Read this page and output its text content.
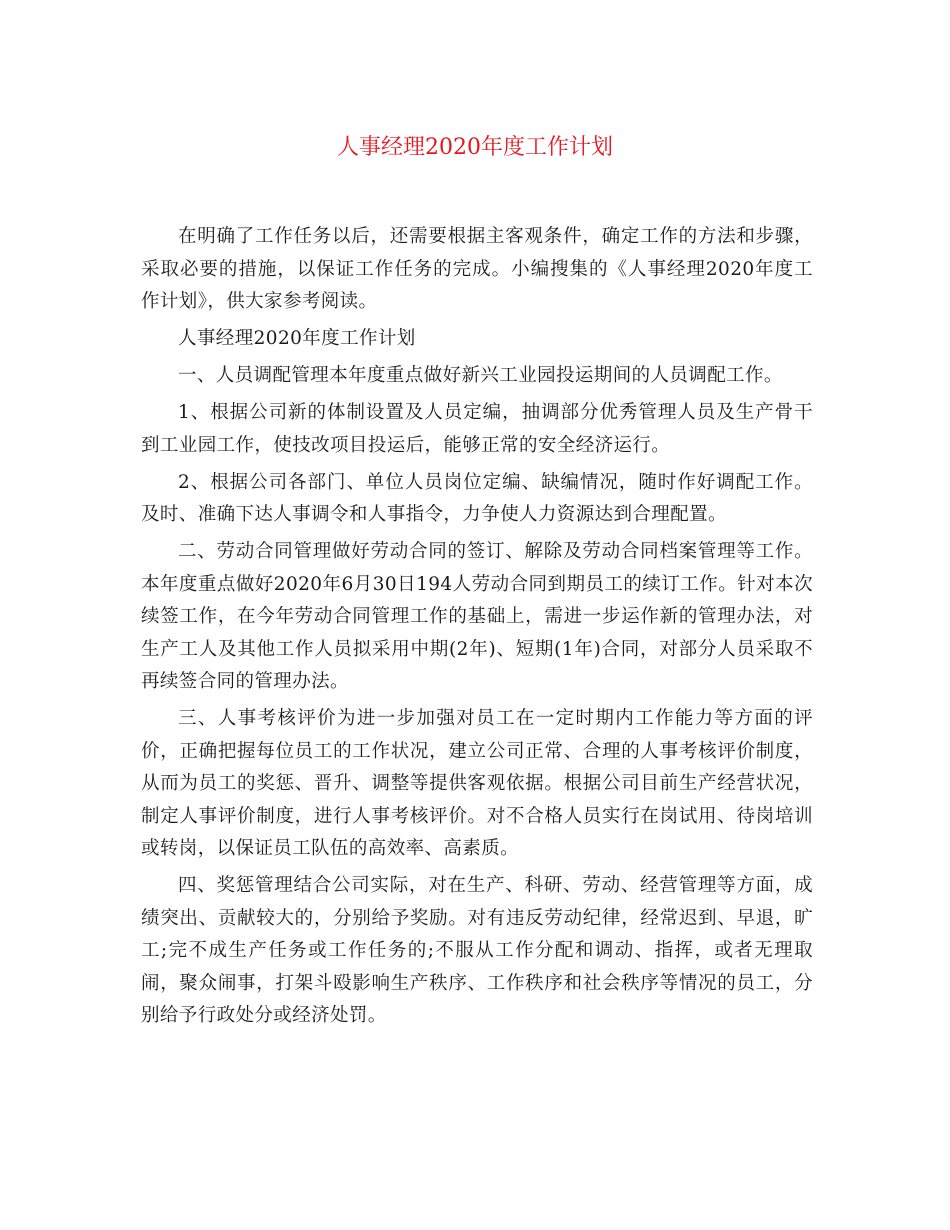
人事经理2020年度工作计划

在明确了工作任务以后，还需要根据主客观条件，确定工作的方法和步骤，采取必要的措施，以保证工作任务的完成。小编搜集的《人事经理2020年度工作计划》，供大家参考阅读。

人事经理2020年度工作计划

一、人员调配管理本年度重点做好新兴工业园投运期间的人员调配工作。

1、根据公司新的体制设置及人员定编，抽调部分优秀管理人员及生产骨干到工业园工作，使技改项目投运后，能够正常的安全经济运行。

2、根据公司各部门、单位人员岗位定编、缺编情况，随时作好调配工作。及时、准确下达人事调令和人事指令，力争使人力资源达到合理配置。

二、劳动合同管理做好劳动合同的签订、解除及劳动合同档案管理等工作。本年度重点做好2020年6月30日194人劳动合同到期员工的续订工作。针对本次续签工作，在今年劳动合同管理工作的基础上，需进一步运作新的管理办法，对生产工人及其他工作人员拟采用中期(2年)、短期(1年)合同，对部分人员采取不再续签合同的管理办法。

三、人事考核评价为进一步加强对员工在一定时期内工作能力等方面的评价，正确把握每位员工的工作状况，建立公司正常、合理的人事考核评价制度，从而为员工的奖惩、晋升、调整等提供客观依据。根据公司目前生产经营状况，制定人事评价制度，进行人事考核评价。对不合格人员实行在岗试用、待岗培训或转岗，以保证员工队伍的高效率、高素质。

四、奖惩管理结合公司实际，对在生产、科研、劳动、经营管理等方面，成绩突出、贡献较大的，分别给予奖励。对有违反劳动纪律，经常迟到、早退，旷工;完不成生产任务或工作任务的;不服从工作分配和调动、指挥，或者无理取闹，聚众闹事，打架斗殴影响生产秩序、工作秩序和社会秩序等情况的员工，分别给予行政处分或经济处罚。
